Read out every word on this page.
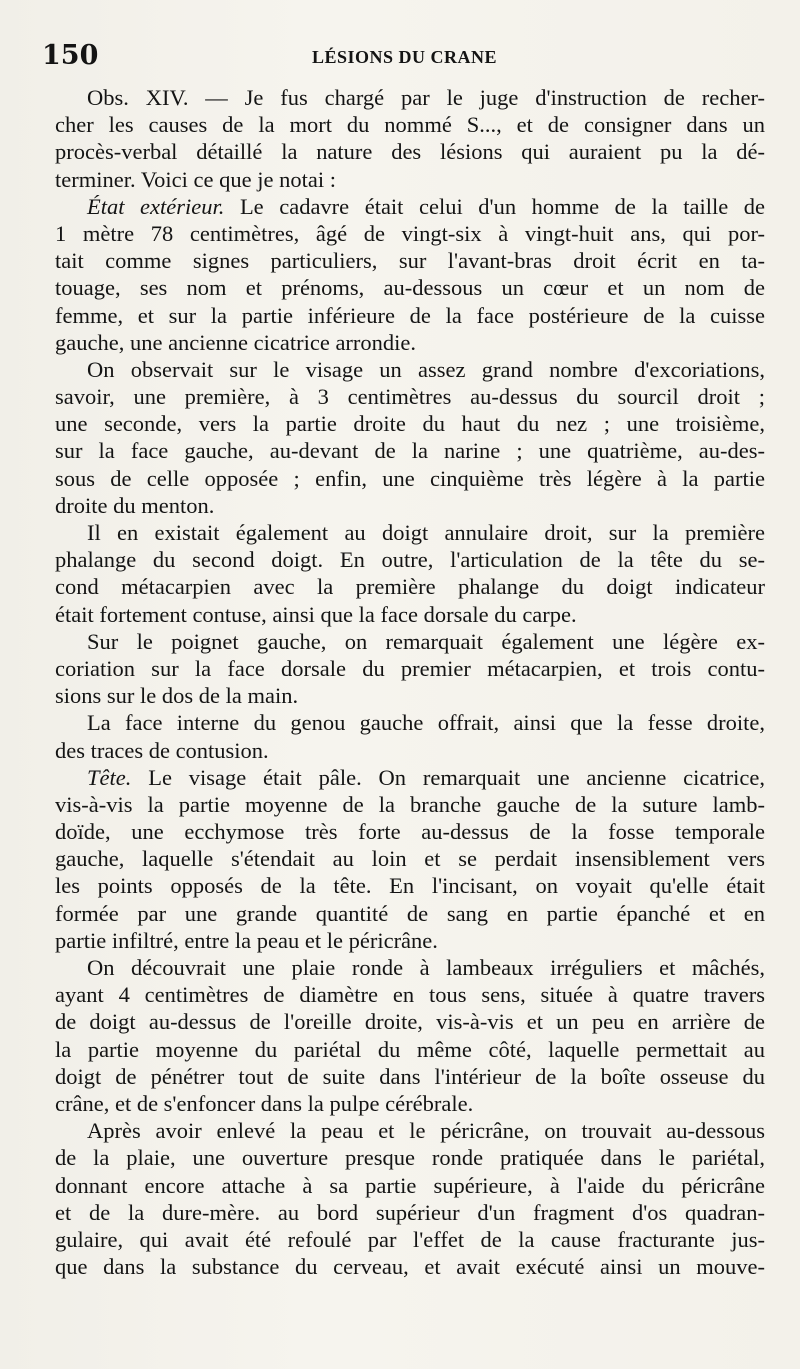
150	LÉSIONS DU CRANE
Obs. XIV. — Je fus chargé par le juge d'instruction de recher-
cher les causes de la mort du nommé S..., et de consigner dans un
procès-verbal détaillé la nature des lésions qui auraient pu la dé-
terminer. Voici ce que je notai :
État extérieur. Le cadavre était celui d'un homme de la taille de
1 mètre 78 centimètres, âgé de vingt-six à vingt-huit ans, qui por-
tait comme signes particuliers, sur l'avant-bras droit écrit en ta-
touage, ses nom et prénoms, au-dessous un cœur et un nom de
femme, et sur la partie inférieure de la face postérieure de la cuisse
gauche, une ancienne cicatrice arrondie.
On observait sur le visage un assez grand nombre d'excoriations,
savoir, une première, à 3 centimètres au-dessus du sourcil droit ;
une seconde, vers la partie droite du haut du nez ; une troisième,
sur la face gauche, au-devant de la narine ; une quatrième, au-des-
sous de celle opposée ; enfin, une cinquième très légère à la partie
droite du menton.
Il en existait également au doigt annulaire droit, sur la première
phalange du second doigt. En outre, l'articulation de la tête du se-
cond métacarpien avec la première phalange du doigt indicateur
était fortement contuse, ainsi que la face dorsale du carpe.
Sur le poignet gauche, on remarquait également une légère ex-
coriation sur la face dorsale du premier métacarpien, et trois contu-
sions sur le dos de la main.
La face interne du genou gauche offrait, ainsi que la fesse droite,
des traces de contusion.
Tête. Le visage était pâle. On remarquait une ancienne cicatrice,
vis-à-vis la partie moyenne de la branche gauche de la suture lamb-
doïde, une ecchymose très forte au-dessus de la fosse temporale
gauche, laquelle s'étendait au loin et se perdait insensiblement vers
les points opposés de la tête. En l'incisant, on voyait qu'elle était
formée par une grande quantité de sang en partie épanché et en
partie infiltré, entre la peau et le péricrâne.
On découvrait une plaie ronde à lambeaux irréguliers et mâchés,
ayant 4 centimètres de diamètre en tous sens, située à quatre travers
de doigt au-dessus de l'oreille droite, vis-à-vis et un peu en arrière de
la partie moyenne du pariétal du même côté, laquelle permettait au
doigt de pénétrer tout de suite dans l'intérieur de la boîte osseuse du
crâne, et de s'enfoncer dans la pulpe cérébrale.
Après avoir enlevé la peau et le péricrâne, on trouvait au-dessous
de la plaie, une ouverture presque ronde pratiquée dans le pariétal,
donnant encore attache à sa partie supérieure, à l'aide du péricrâne
et de la dure-mère. au bord supérieur d'un fragment d'os quadran-
gulaire, qui avait été refoulé par l'effet de la cause fracturante jus-
que dans la substance du cerveau, et avait exécuté ainsi un mouve-
